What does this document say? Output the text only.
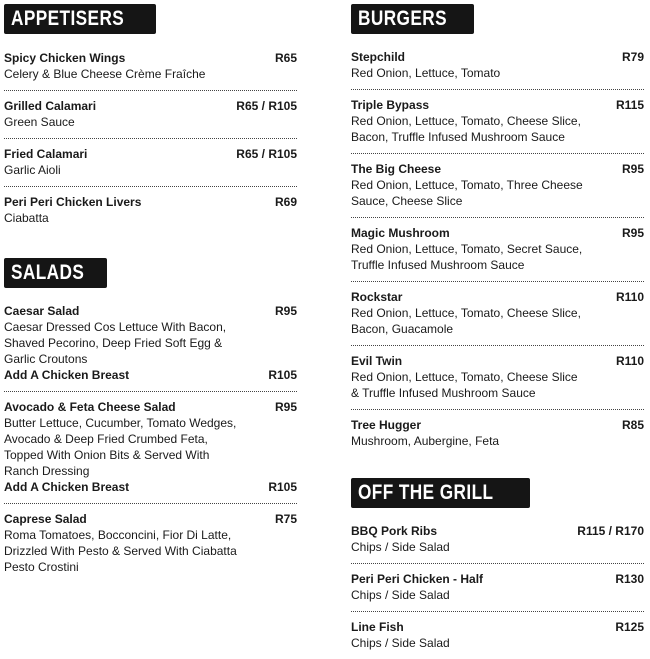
APPETISERS
Spicy Chicken Wings	R65
Celery & Blue Cheese Crème Fraîche
Grilled Calamari	R65 / R105
Green Sauce
Fried Calamari	R65 / R105
Garlic Aioli
Peri Peri Chicken Livers	R69
Ciabatta
SALADS
Caesar Salad	R95
Caesar Dressed Cos Lettuce With Bacon,
Shaved Pecorino, Deep Fried Soft Egg &
Garlic Croutons
Add A Chicken Breast	R105
Avocado & Feta Cheese Salad	R95
Butter Lettuce, Cucumber, Tomato Wedges,
Avocado & Deep Fried Crumbed Feta,
Topped With Onion Bits & Served With
Ranch Dressing
Add A Chicken Breast	R105
Caprese Salad	R75
Roma Tomatoes, Bocconcini, Fior Di Latte,
Drizzled With Pesto & Served With Ciabatta
Pesto Crostini
BURGERS
Stepchild	R79
Red Onion, Lettuce, Tomato
Triple Bypass	R115
Red Onion, Lettuce, Tomato, Cheese Slice,
Bacon, Truffle Infused Mushroom Sauce
The Big Cheese	R95
Red Onion, Lettuce, Tomato, Three Cheese
Sauce, Cheese Slice
Magic Mushroom	R95
Red Onion, Lettuce, Tomato, Secret Sauce,
Truffle Infused Mushroom Sauce
Rockstar	R110
Red Onion, Lettuce, Tomato, Cheese Slice,
Bacon, Guacamole
Evil Twin	R110
Red Onion, Lettuce, Tomato, Cheese Slice
& Truffle Infused Mushroom Sauce
Tree Hugger	R85
Mushroom, Aubergine, Feta
OFF THE GRILL
BBQ Pork Ribs	R115 / R170
Chips / Side Salad
Peri Peri Chicken - Half	R130
Chips / Side Salad
Line Fish	R125
Chips / Side Salad
